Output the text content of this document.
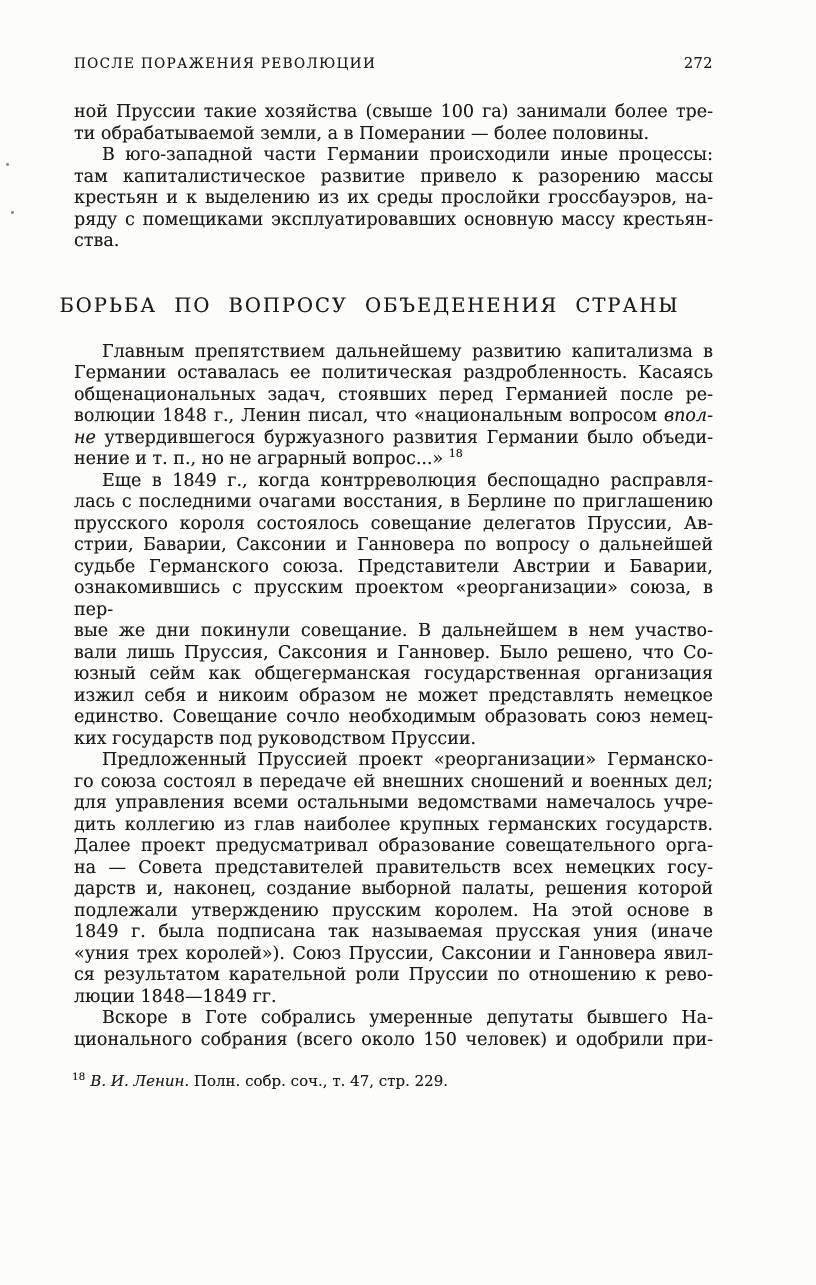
ПОСЛЕ ПОРАЖЕНИЯ РЕВОЛЮЦИИ	272

ной Пруссии такие хозяйства (свыше 100 га) занимали более тре-
ти обрабатываемой земли, а в Померании — более половины.

В юго-западной части Германии происходили иные процессы:
там капиталистическое развитие привело к разорению массы
крестьян и к выделению из их среды прослойки гроссбауэров, на-
ряду с помещиками эксплуатировавших основную массу крестьян-
ства.

БОРЬБА ПО ВОПРОСУ ОБЪЕДЕНЕНИЯ СТРАНЫ

Главным препятствием дальнейшему развитию капитализма в
Германии оставалась ее политическая раздробленность. Касаясь
общенациональных задач, стоявших перед Германией после ре-
волюции 1848 г., Ленин писал, что «национальным вопросом впол-
не утвердившегося буржуазного развития Германии было объеди-
нение и т. п., но не аграрный вопрос...» $^{18}$

Еще в 1849 г., когда контрреволюция беспощадно расправля-
лась с последними очагами восстания, в Берлине по приглашению
прусского короля состоялось совещание делегатов Пруссии, Ав-
стрии, Баварии, Саксонии и Ганновера по вопросу о дальнейшей
судьбе Германского союза. Представители Австрии и Баварии,
ознакомившись с прусским проектом «реорганизации» союза, в пер-
вые же дни покинули совещание. В дальнейшем в нем участво-
вали лишь Пруссия, Саксония и Ганновер. Было решено, что Со-
юзный сейм как общегерманская государственная организация
изжил себя и никоим образом не может представлять немецкое
единство. Совещание сочло необходимым образовать союз немец-
ких государств под руководством Пруссии.

Предложенный Пруссией проект «реорганизации» Германско-
го союза состоял в передаче ей внешних сношений и военных дел;
для управления всеми остальными ведомствами намечалось учре-
дить коллегию из глав наиболее крупных германских государств.
Далее проект предусматривал образование совещательного орга-
на — Совета представителей правительств всех немецких госу-
дарств и, наконец, создание выборной палаты, решения которой
подлежали утверждению прусским королем. На этой основе в
1849 г. была подписана так называемая прусская уния (иначе
«уния трех королей»). Союз Пруссии, Саксонии и Ганновера явил-
ся результатом карательной роли Пруссии по отношению к рево-
люции 1848—1849 гг.

Вскоре в Готе собрались умеренные депутаты бывшего На-
ционального собрания (всего около 150 человек) и одобрили при-

$^{18}$ В. И. Ленин. Полн. собр. соч., т. 47, стр. 229.
